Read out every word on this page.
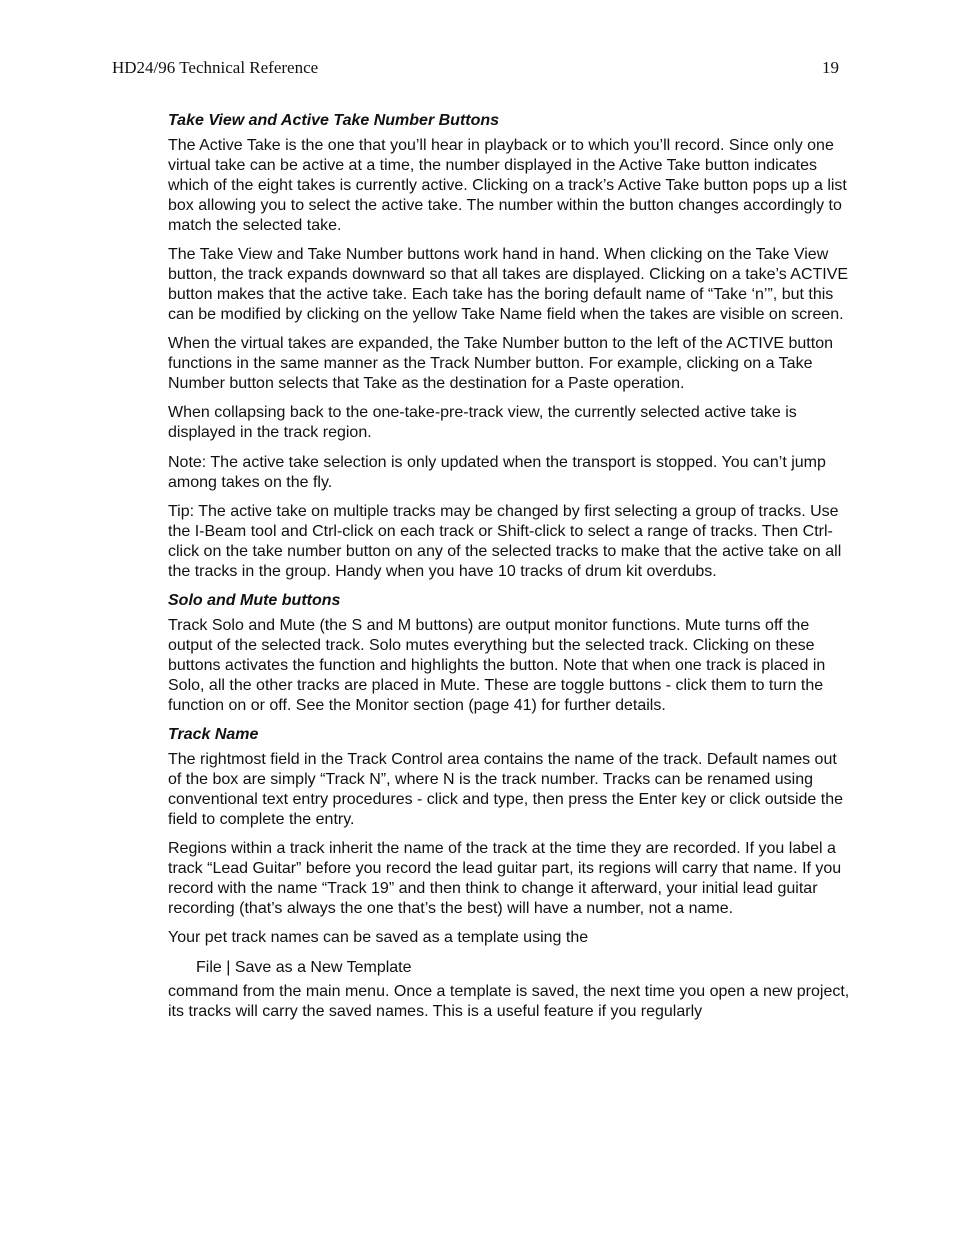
HD24/96 Technical Reference	19
Take View and Active Take Number Buttons

The Active Take is the one that you’ll hear in playback or to which you’ll record. Since only one virtual take can be active at a time, the number displayed in the Active Take button indicates which of the eight takes is currently active. Clicking on a track’s Active Take button pops up a list box allowing you to select the active take. The number within the button changes accordingly to match the selected take.

The Take View and Take Number buttons work hand in hand. When clicking on the Take View button, the track expands downward so that all takes are displayed. Clicking on a take’s ACTIVE button makes that the active take. Each take has the boring default name of “Take ‘n’”, but this can be modified by clicking on the yellow Take Name field when the takes are visible on screen.

When the virtual takes are expanded, the Take Number button to the left of the ACTIVE button functions in the same manner as the Track Number button. For example, clicking on a Take Number button selects that Take as the destination for a Paste operation.

When collapsing back to the one-take-pre-track view, the currently selected active take is displayed in the track region.

Note: The active take selection is only updated when the transport is stopped. You can’t jump among takes on the fly.

Tip: The active take on multiple tracks may be changed by first selecting a group of tracks. Use the I-Beam tool and Ctrl-click on each track or Shift-click to select a range of tracks. Then Ctrl-click on the take number button on any of the selected tracks to make that the active take on all the tracks in the group. Handy when you have 10 tracks of drum kit overdubs.

Solo and Mute buttons

Track Solo and Mute (the S and M buttons) are output monitor functions. Mute turns off the output of the selected track. Solo mutes everything but the selected track. Clicking on these buttons activates the function and highlights the button. Note that when one track is placed in Solo, all the other tracks are placed in Mute. These are toggle buttons - click them to turn the function on or off. See the Monitor section (page 41) for further details.

Track Name

The rightmost field in the Track Control area contains the name of the track. Default names out of the box are simply “Track N”, where N is the track number. Tracks can be renamed using conventional text entry procedures - click and type, then press the Enter key or click outside the field to complete the entry.

Regions within a track inherit the name of the track at the time they are recorded. If you label a track “Lead Guitar” before you record the lead guitar part, its regions will carry that name. If you record with the name “Track 19” and then think to change it afterward, your initial lead guitar recording (that’s always the one that’s the best) will have a number, not a name.

Your pet track names can be saved as a template using the

File | Save as a New Template

command from the main menu. Once a template is saved, the next time you open a new project, its tracks will carry the saved names. This is a useful feature if you regularly
